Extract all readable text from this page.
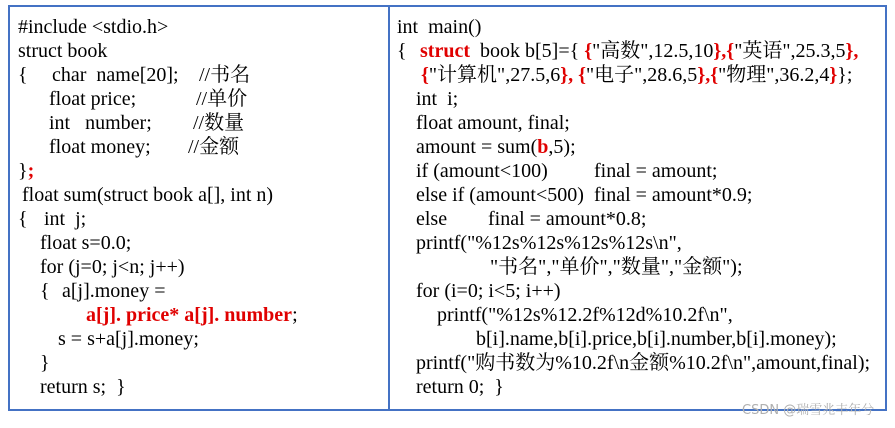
#include <stdio.h>
struct book
{ char  name[20]; //书名
float price;	//单价
int   number; //数量
float money; //金额
};
float sum(struct book a[], int n)
{ int  j;
float s=0.0;
for (j=0; j<n; j++)
{ a[j].money =
a[j]. price* a[j]. number;
s = s+a[j].money;
}
return s;  }
int  main()
{ struct book b[5]={ {"高数",12.5,10},{"英语",25.3,5},
{"计算机",27.5,6}, {"电子",28.6,5},{"物理",36.2,4}};
int  i;
float amount, final;
amount = sum(b,5);
if (amount<100) final = amount;
else if (amount<500) final = amount*0.9;
else final = amount*0.8;
printf("%12s%12s%12s%12s\n",
"书名","单价","数量","金额");
for (i=0; i<5; i++)
printf("%12s%12.2f%12d%10.2f\n",
b[i].name,b[i].price,b[i].number,b[i].money);
printf("购书数为%10.2f\n金额%10.2f\n",amount,final);
return 0;  }
CSDN @瑞雪兆丰年兮
